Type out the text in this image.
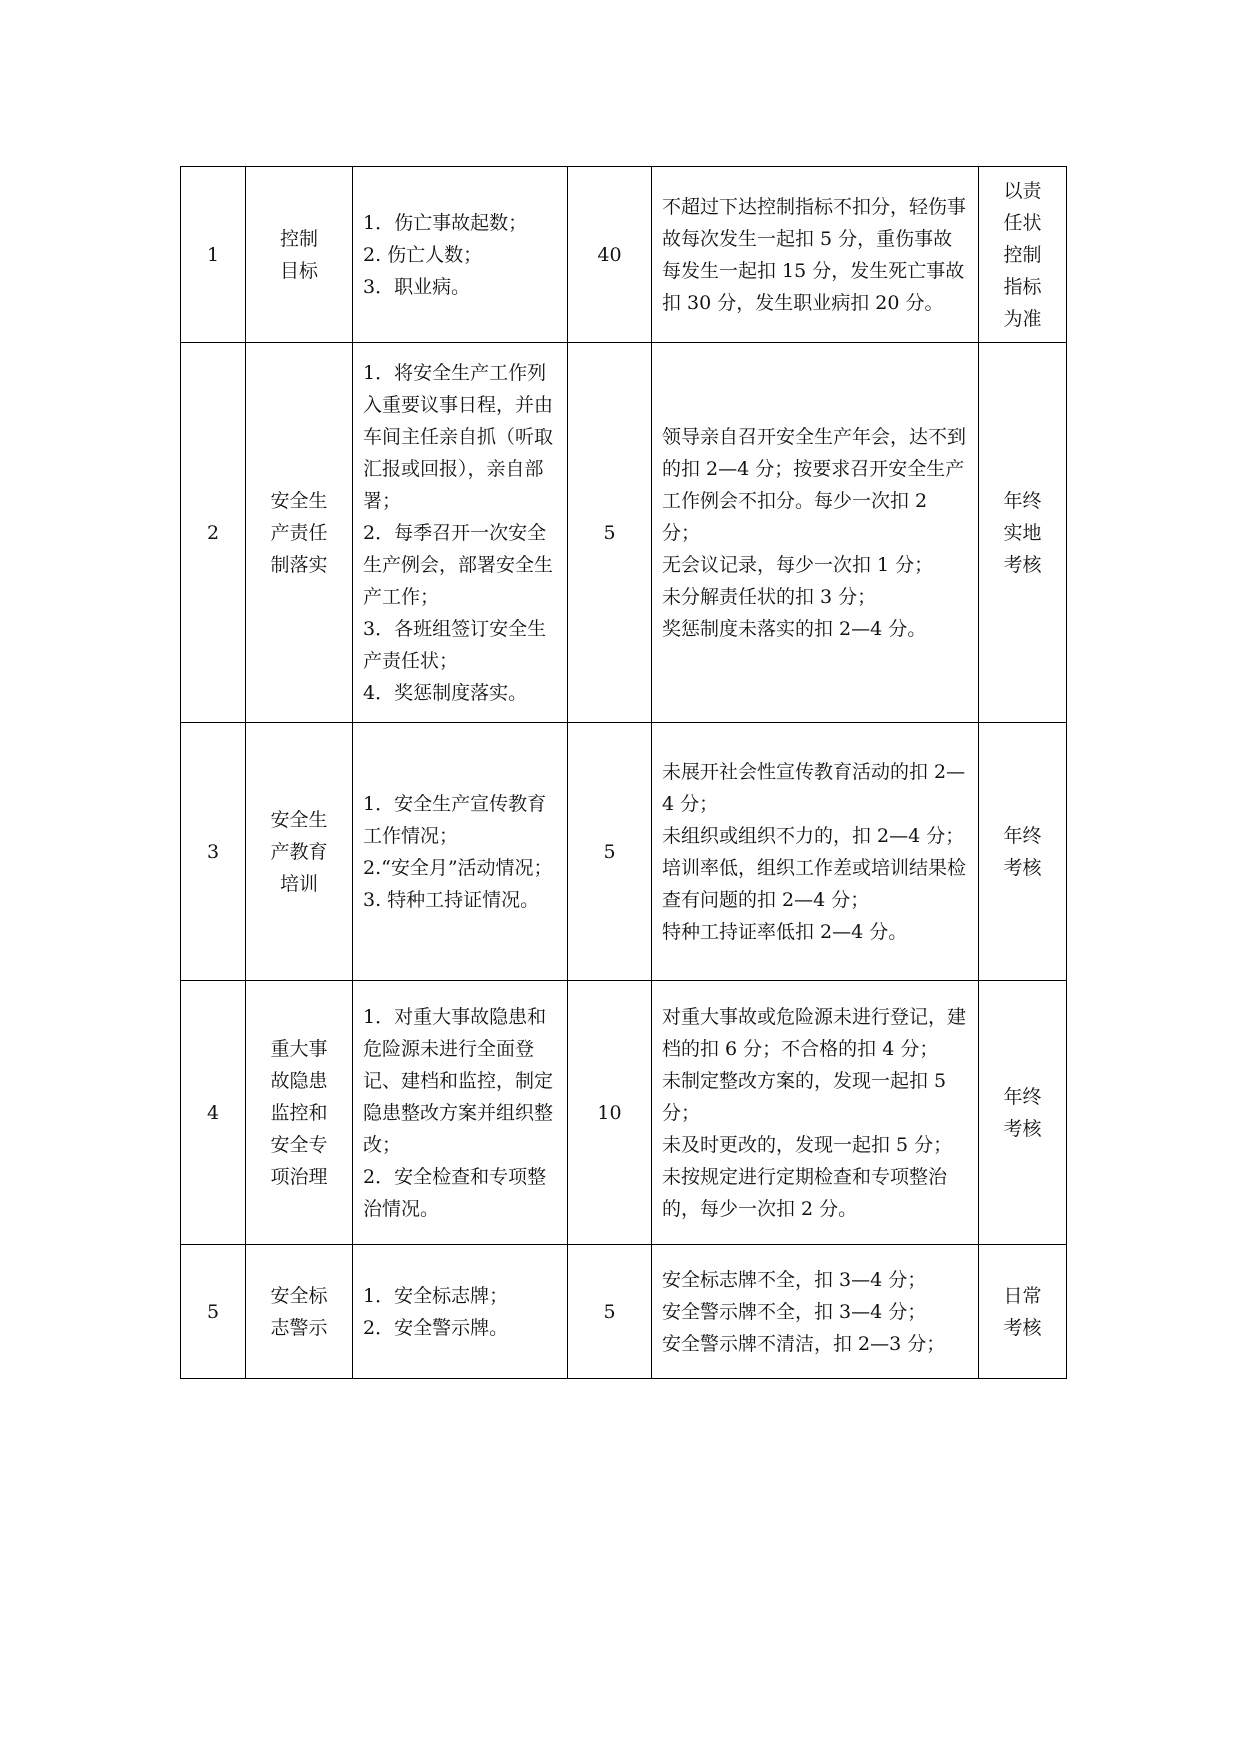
1	控制
目标	1．伤亡事故起数；
2. 伤亡人数；
3．职业病。	40	不超过下达控制指标不扣分，轻伤事故每次发生一起扣 5 分，重伤事故每发生一起扣 15 分，发生死亡事故扣 30 分，发生职业病扣 20 分。	以责
任状
控制
指标
为准

2	安全生
产责任
制落实	1．将安全生产工作列入重要议事日程，并由车间主任亲自抓（听取汇报或回报），亲自部署；
2．每季召开一次安全生产例会，部署安全生产工作；
3．各班组签订安全生产责任状；
4．奖惩制度落实。	5	领导亲自召开安全生产年会，达不到的扣 2—4 分；按要求召开安全生产工作例会不扣分。每少一次扣 2 分；
无会议记录，每少一次扣 1 分；
未分解责任状的扣 3 分；
奖惩制度未落实的扣 2—4 分。	年终
实地
考核

3	安全生
产教育
培训	1．安全生产宣传教育工作情况；
2.“安全月”活动情况；
3. 特种工持证情况。	5	未展开社会性宣传教育活动的扣 2—4 分；
未组织或组织不力的，扣 2—4 分；
培训率低，组织工作差或培训结果检查有问题的扣 2—4 分；
特种工持证率低扣 2—4 分。	年终
考核

4	重大事
故隐患
监控和
安全专
项治理	1．对重大事故隐患和危险源未进行全面登记、建档和监控，制定隐患整改方案并组织整改；
2．安全检查和专项整治情况。	10	对重大事故或危险源未进行登记，建档的扣 6 分；不合格的扣 4 分；
未制定整改方案的，发现一起扣 5 分；
未及时更改的，发现一起扣 5 分；
未按规定进行定期检查和专项整治的，每少一次扣 2 分。	年终
考核

5	安全标
志警示	1．安全标志牌；
2．安全警示牌。	5	安全标志牌不全，扣 3—4 分；
安全警示牌不全，扣 3—4 分；
安全警示牌不清洁，扣 2—3 分；	日常
考核
